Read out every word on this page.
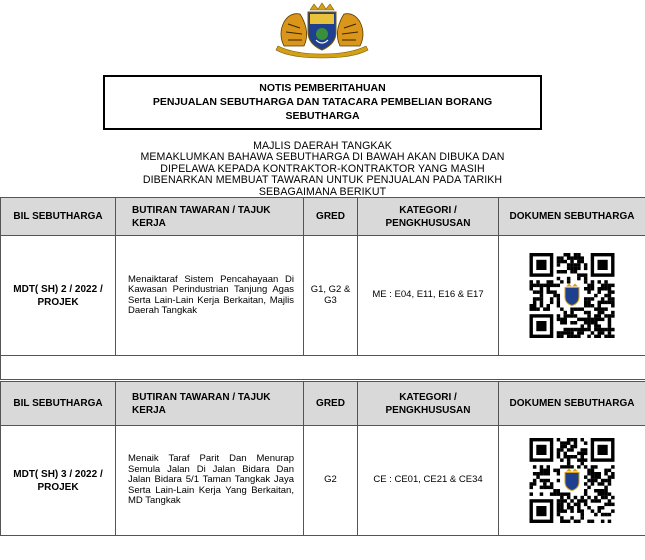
NOTIS PEMBERITAHUAN
PENJUALAN SEBUTHARGA DAN TATACARA PEMBELIAN BORANG
SEBUTHARGA
MAJLIS DAERAH TANGKAK
MEMAKLUMKAN BAHAWA SEBUTHARGA DI BAWAH AKAN DIBUKA DAN
DIPELAWA KEPADA KONTRAKTOR-KONTRAKTOR YANG MASIH
DIBENARKAN MEMBUAT TAWARAN UNTUK PENJUALAN PADA TARIKH
SEBAGAIMANA BERIKUT
BIL SEBUTHARGA	BUTIRAN TAWARAN / TAJUK KERJA	GRED	KATEGORI / PENGKHUSUSAN	DOKUMEN SEBUTHARGA
MDT( SH) 2 / 2022 / PROJEK	Menaiktaraf Sistem Pencahayaan Di Kawasan Perindustrian Tanjung Agas Serta Lain-Lain Kerja Berkaitan, Majlis Daerah Tangkak	G1, G2 & G3	ME : E04, E11, E16 & E17	

BIL SEBUTHARGA	BUTIRAN TAWARAN / TAJUK KERJA	GRED	KATEGORI / PENGKHUSUSAN	DOKUMEN SEBUTHARGA
MDT( SH) 3 / 2022 / PROJEK	Menaik Taraf Parit Dan Menurap Semula Jalan Di Jalan Bidara Dan Jalan Bidara 5/1 Taman Tangkak Jaya Serta Lain-Lain Kerja Yang Berkaitan, MD Tangkak	G2	CE : CE01, CE21 & CE34	
